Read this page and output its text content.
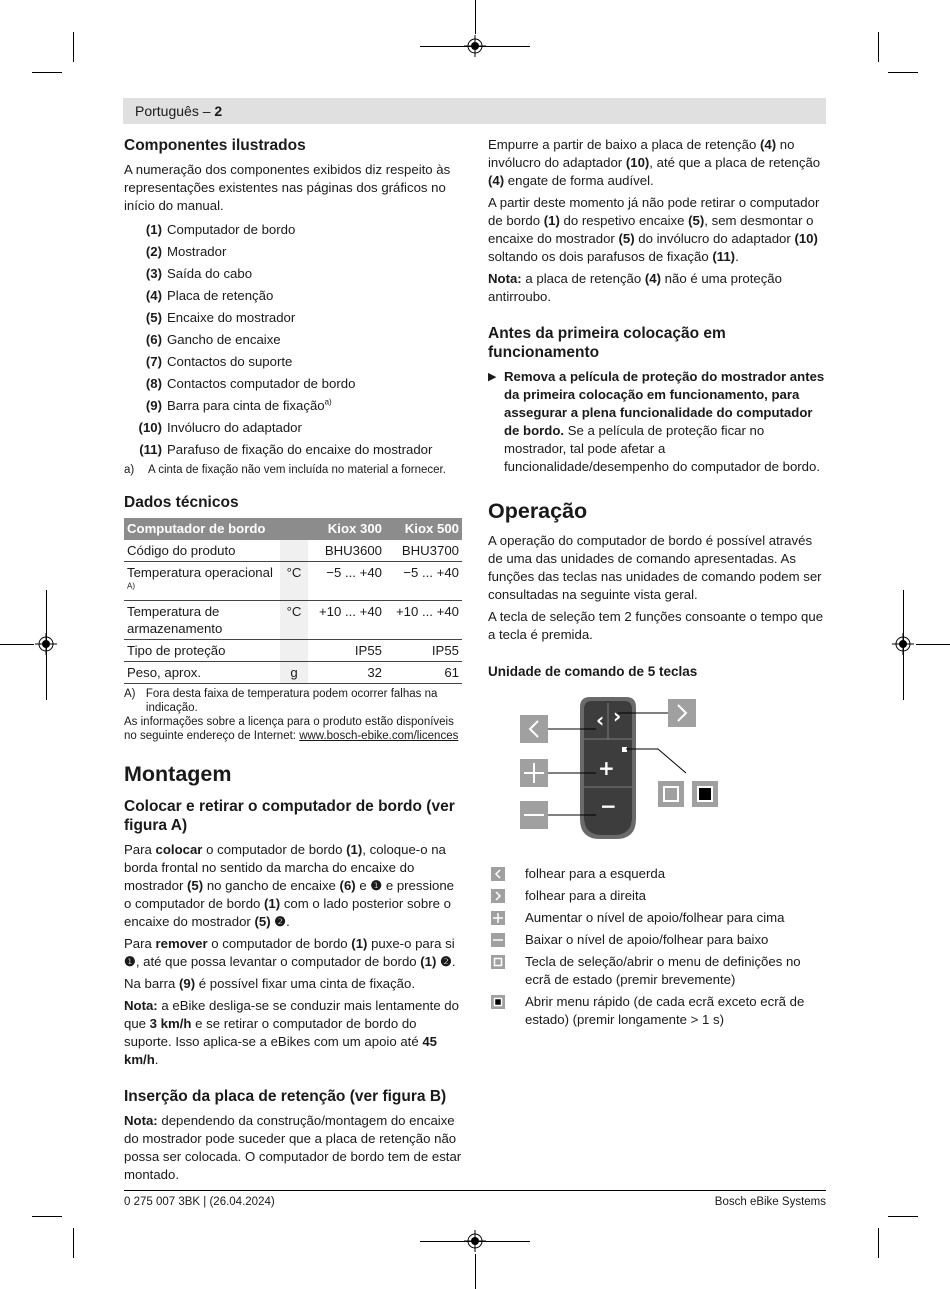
Português – 2
Componentes ilustrados

A numeração dos componentes exibidos diz respeito às representações existentes nas páginas dos gráficos no início do manual.

(1) Computador de bordo
(2) Mostrador
(3) Saída do cabo
(4) Placa de retenção
(5) Encaixe do mostrador
(6) Gancho de encaixe
(7) Contactos do suporte
(8) Contactos computador de bordo
(9) Barra para cinta de fixação$^{a)}$
(10) Invólucro do adaptador
(11) Parafuso de fixação do encaixe do mostrador
a)	A cinta de fixação não vem incluída no material a fornecer.
Dados técnicos
Computador de bordo		Kiox 300	Kiox 500
Código do produto		BHU3600	BHU3700
Temperatura operacional $^{A)}$	°C	−5 ... +40	−5 ... +40
Temperatura de armazenamento	°C	+10 ... +40	+10 ... +40
Tipo de proteção		IP55	IP55
Peso, aprox.	g	32	61
A) Fora desta faixa de temperatura podem ocorrer falhas na indicação.
As informações sobre a licença para o produto estão disponíveis no seguinte endereço de Internet: www.bosch-ebike.com/licences
Montagem
Colocar e retirar o computador de bordo (ver figura A)

Para colocar o computador de bordo (1), coloque-o na borda frontal no sentido da marcha do encaixe do mostrador (5) no gancho de encaixe (6) e ❶ e pressione o computador de bordo (1) com o lado posterior sobre o encaixe do mostrador (5) ❷.

Para remover o computador de bordo (1) puxe-o para si ❶, até que possa levantar o computador de bordo (1) ❷.

Na barra (9) é possível fixar uma cinta de fixação.

Nota: a eBike desliga-se se conduzir mais lentamente do que 3 km/h e se retirar o computador de bordo do suporte. Isso aplica-se a eBikes com um apoio até 45 km/h.

Inserção da placa de retenção (ver figura B)

Nota: dependendo da construção/montagem do encaixe do mostrador pode suceder que a placa de retenção não possa ser colocada. O computador de bordo tem de estar montado.

Empurre a partir de baixo a placa de retenção (4) no invólucro do adaptador (10), até que a placa de retenção (4) engate de forma audível.

A partir deste momento já não pode retirar o computador de bordo (1) do respetivo encaixe (5), sem desmontar o encaixe do mostrador (5) do invólucro do adaptador (10) soltando os dois parafusos de fixação (11).

Nota: a placa de retenção (4) não é uma proteção antirroubo.

Antes da primeira colocação em funcionamento
▶ Remova a película de proteção do mostrador antes da primeira colocação em funcionamento, para assegurar a plena funcionalidade do computador de bordo. Se a película de proteção ficar no mostrador, tal pode afetar a funcionalidade/desempenho do computador de bordo.
Operação

A operação do computador de bordo é possível através de uma das unidades de comando apresentadas. As funções das teclas nas unidades de comando podem ser consultadas na seguinte vista geral.

A tecla de seleção tem 2 funções consoante o tempo que a tecla é premida.

Unidade de comando de 5 teclas
‹ ›
+
−
folhear para a esquerda
folhear para a direita
Aumentar o nível de apoio/folhear para cima
Baixar o nível de apoio/folhear para baixo
Tecla de seleção/abrir o menu de definições no ecrã de estado (premir brevemente)
Abrir menu rápido (de cada ecrã exceto ecrã de estado) (premir longamente > 1 s)
0 275 007 3BK | (26.04.2024)	Bosch eBike Systems
